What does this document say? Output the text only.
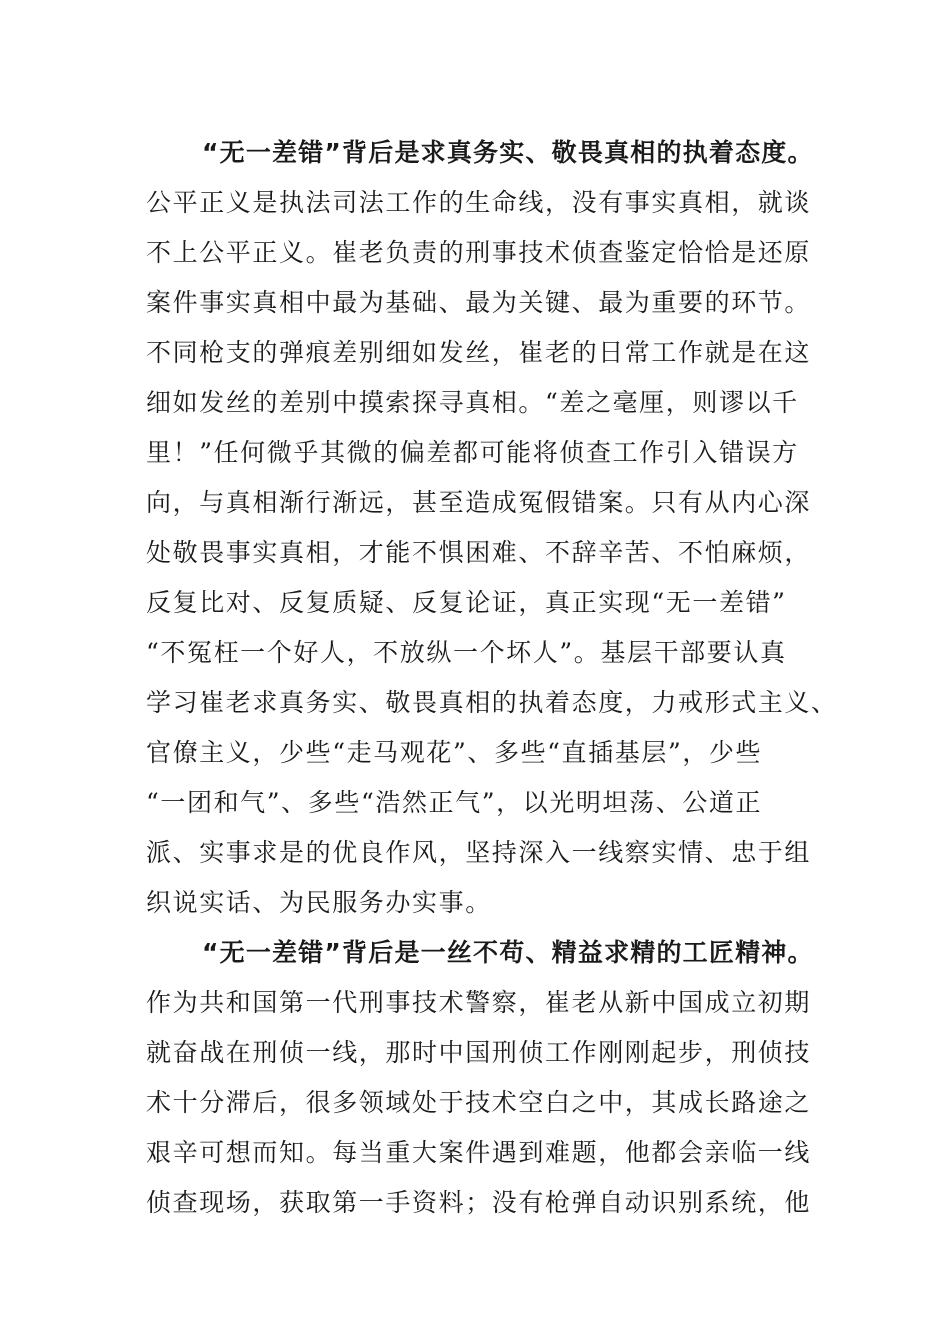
“无一差错”背后是求真务实、敬畏真相的执着态度。
公平正义是执法司法工作的生命线，没有事实真相，就谈
不上公平正义。崔老负责的刑事技术侦查鉴定恰恰是还原
案件事实真相中最为基础、最为关键、最为重要的环节。
不同枪支的弹痕差别细如发丝，崔老的日常工作就是在这
细如发丝的差别中摸索探寻真相。“差之毫厘，则谬以千
里！”任何微乎其微的偏差都可能将侦查工作引入错误方
向，与真相渐行渐远，甚至造成冤假错案。只有从内心深
处敬畏事实真相，才能不惧困难、不辞辛苦、不怕麻烦，
反复比对、反复质疑、反复论证，真正实现“无一差错”
“不冤枉一个好人，不放纵一个坏人”。基层干部要认真
学习崔老求真务实、敬畏真相的执着态度，力戒形式主义、
官僚主义，少些“走马观花”、多些“直插基层”，少些
“一团和气”、多些“浩然正气”，以光明坦荡、公道正
派、实事求是的优良作风，坚持深入一线察实情、忠于组
织说实话、为民服务办实事。
“无一差错”背后是一丝不苟、精益求精的工匠精神。
作为共和国第一代刑事技术警察，崔老从新中国成立初期
就奋战在刑侦一线，那时中国刑侦工作刚刚起步，刑侦技
术十分滞后，很多领域处于技术空白之中，其成长路途之
艰辛可想而知。每当重大案件遇到难题，他都会亲临一线
侦查现场，获取第一手资料；没有枪弹自动识别系统，他
